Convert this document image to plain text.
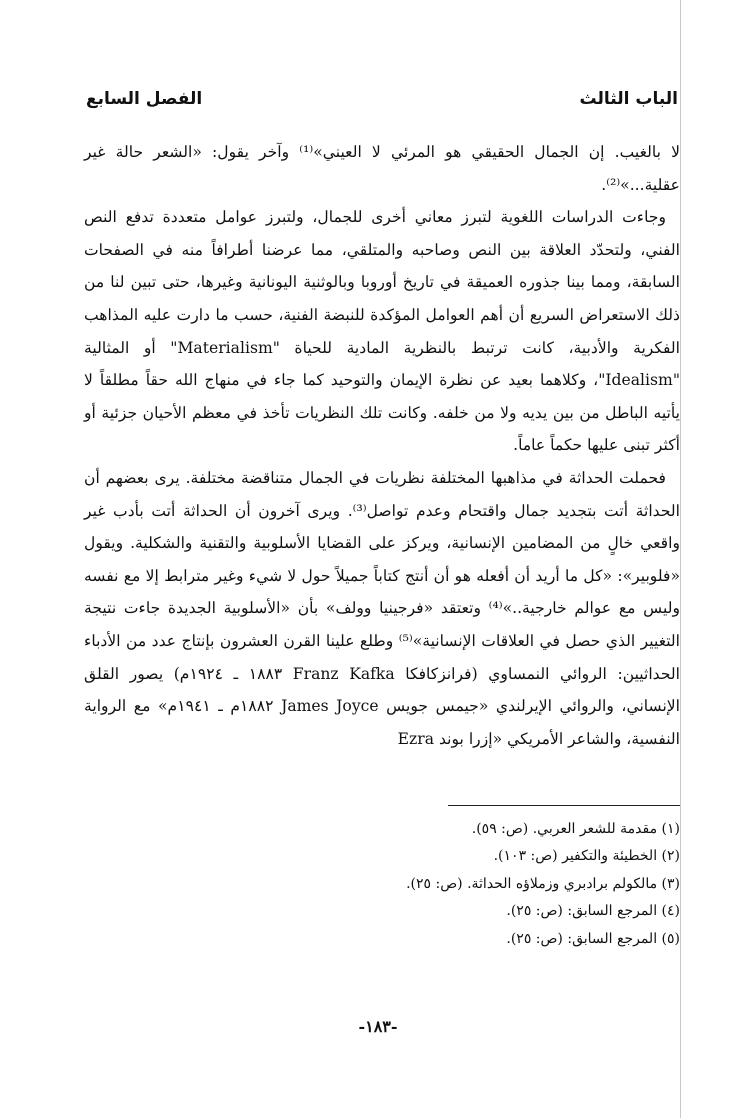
الباب الثالث
الفصل السابع

لا بالغيب. إن الجمال الحقيقي هو المرئي لا العيني»⁽¹⁾ وآخر يقول: «الشعر حالة غير عقلية...»⁽²⁾.

وجاءت الدراسات اللغوية لتبرز معاني أخرى للجمال، ولتبرز عوامل متعددة تدفع النص الفني، ولتحدّد العلاقة بين النص وصاحبه والمتلقي، مما عرضنا أطرافاً منه في الصفحات السابقة، ومما بينا جذوره العميقة في تاريخ أوروبا وبالوثنية اليونانية وغيرها، حتى تبين لنا من ذلك الاستعراض السريع أن أهم العوامل المؤكدة للنبضة الفنية، حسب ما دارت عليه المذاهب الفكرية والأدبية، كانت ترتبط بالنظرية المادية للحياة "Materialism" أو المثالية "Idealism"، وكلاهما بعيد عن نظرة الإيمان والتوحيد كما جاء في منهاج الله حقاً مطلقاً لا يأتيه الباطل من بين يديه ولا من خلفه. وكانت تلك النظريات تأخذ في معظم الأحيان جزئية أو أكثر تبنى عليها حكماً عاماً.

فحملت الحداثة في مذاهبها المختلفة نظريات في الجمال متناقضة مختلفة. يرى بعضهم أن الحداثة أتت بتجديد جمال واقتحام وعدم تواصل⁽³⁾. ويرى آخرون أن الحداثة أتت بأدب غير واقعي خالٍ من المضامين الإنسانية، ويركز على القضايا الأسلوبية والتقنية والشكلية. ويقول «فلوبير»: «كل ما أريد أن أفعله هو أن أنتج كتاباً جميلاً حول لا شيء وغير مترابط إلا مع نفسه وليس مع عوالم خارجية..»⁽⁴⁾ وتعتقد «فرجينيا وولف» بأن «الأسلوبية الجديدة جاءت نتيجة التغيير الذي حصل في العلاقات الإنسانية»⁽⁵⁾ وطلع علينا القرن العشرون بإنتاج عدد من الأدباء الحداثيين: الروائي النمساوي (فرانزكافكا Franz Kafka ١٨٨٣ ـ ١٩٢٤م) يصور القلق الإنساني، والروائي الإيرلندي «جيمس جويس James Joyce ١٨٨٢م ـ ١٩٤١م» مع الرواية النفسية، والشاعر الأمريكي «إزرا بوند Ezra

(١) مقدمة للشعر العربي. (ص: ٥٩).
(٢) الخطيئة والتكفير (ص: ١٠٣).
(٣) مالكولم برادبري وزملاؤه الحداثة. (ص: ٢٥).
(٤) المرجع السابق: (ص: ٢٥).
(٥) المرجع السابق: (ص: ٢٥).
-١٨٣-
